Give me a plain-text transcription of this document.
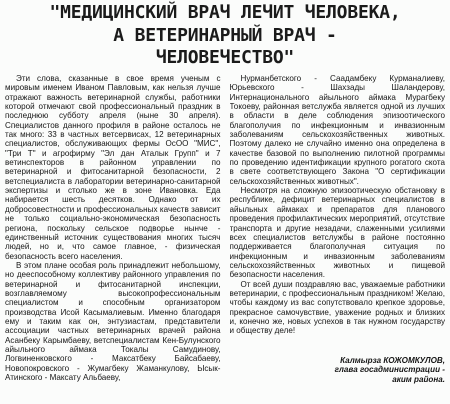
"МЕДИЦИНСКИЙ ВРАЧ ЛЕЧИТ ЧЕЛОВЕКА,
А ВЕТЕРИНАРНЫЙ ВРАЧ -
ЧЕЛОВЕЧЕСТВО"

Эти слова, сказанные в свое время ученым с мировым именем Иваном Павловым, как нельзя лучше отражают важность ветеринарной службы, работники которой отмечают свой профессиональный праздник в последнюю субботу апреля (ныне 30 апреля). Специалистов данного профиля в районе осталось не так много: 33 в частных ветсервисах, 12 ветеринарных специалистов, обслуживающих фермы ОсОО "МИС", "Три Т" и агрофирму "Эл дан Аталык Групп" и 7 ветинспекторов в районном управлении по ветеринарной и фитосанитарной безопасности, 2 ветспециалиста в лаборатории ветеринарно-санитарной экспертизы и столько же в зоне Ивановка. Еда набирается шесть десятков. Однако от их добросовестности и профессиональных качеств зависит не только социально-экономическая безопасность региона, поскольку сельское подворье нынче - единственный источник существования многих тысяч людей, но и, что самое главное, - физическая безопасность всего населения.

В этом плане особая роль принадлежит небольшому, но дееспособному коллективу районного управления по ветеринарной и фитосанитарной инспекции, возглавляемому высокопрофессиональным специалистом и способным организатором производства Исой Касымалиевым. Именно благодаря ему и таким как он, энтузиастам, представители ассоциации частных ветеринарных врачей района Асанбеку Карымбаеву, ветспециалистам Кен-Булунского айыльного аймака Токалы Самудинову, Логвиненковского - Максатбеку Байсабаеву, Новопокровского - Жумагбеку Жаманкулову, Ысык-Атинского - Максату Альбаеву,

Нурманбетского - Саадамбеку Курманалиеву, Юрьевского - Шахзады Шаландерову, Интернационального айыльного аймака Мурагбеку Токоеву, районная ветслужба является одной из лучших в области в деле соблюдения эпизоотического благополучия по инфекционным и инвазионным заболеваниям сельскохозяйственных животных. Поэтому далеко не случайно именно она определена в качестве базовой по выполнению пилотной программы по проведению идентификации крупного рогатого скота в свете соответствующего Закона "О сертификации сельскохозяйственных животных".

Несмотря на сложную эпизоотическую обстановку в республике, дефицит ветеринарных специалистов в айыльных аймаках и препаратов для планового проведения профилактических мероприятий, отсутствие транспорта и другие незадачи, слаженными усилиями всех специалистов ветслужбы в районе постоянно поддерживается благополучная ситуация по инфекционным и инвазионным заболеваниям сельскохозяйственных животных и пищевой безопасности населения.

От всей души поздравляю вас, уважаемые работники ветеринарии, с профессиональным праздником! Желаю, чтобы каждому из вас сопутствовало крепкое здоровье, прекрасное самочувствие, уважение родных и близких и, конечно же, новых успехов в так нужном государству и обществу деле!

Калмырза КОЖОМКУЛОВ,
глава госадминистрации -
аким района.
